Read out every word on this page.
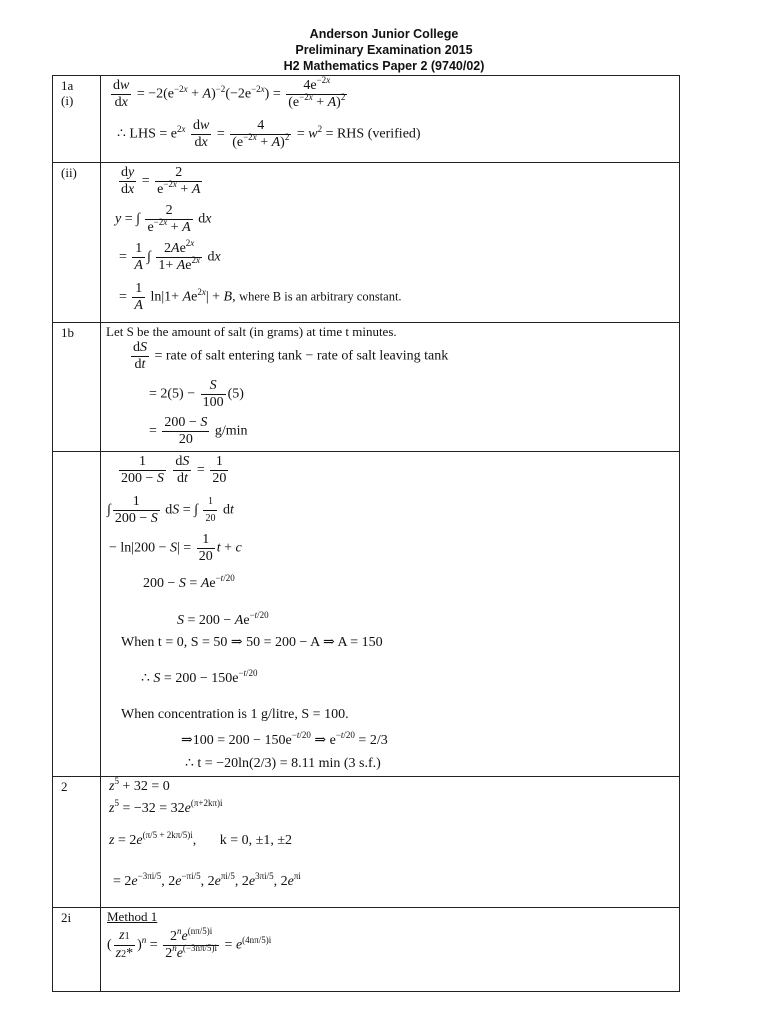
Anderson Junior College
Preliminary Examination 2015
H2 Mathematics Paper 2 (9740/02)
1a
(i)	$\frac{dw}{dx} = -2(e^{-2x} + A)^{-2}(-2e^{-2x}) = \frac{4e^{-2x}}{(e^{-2x} + A)^2}$
∴ LHS = $e^{2x} \frac{dw}{dx} = \frac{4}{(e^{-2x} + A)^2} = w^2$ = RHS (verified)
(ii)	$\frac{dy}{dx} = \frac{2}{e^{-2x} + A}$
y = ∫ $\frac{2}{e^{-2x} + A}$ dx
= $\frac{1}{A}$ ∫ $\frac{2Ae^{2x}}{1+ Ae^{2x}}$ dx
= $\frac{1}{A} \ln|1+ Ae^{2x}| + B$, where B is an arbitrary constant.
1b Let S be the amount of salt (in grams) at time t minutes.
$\frac{dS}{dt}$ = rate of salt entering tank − rate of salt leaving tank
= $2(5) - \frac{S}{100} (5)$
= $\frac{200 - S}{20} g/\min$
$\frac{1}{200 - S}$
$\frac{dS}{dt} = \frac{1}{20}$
∫ $\frac{1}{200 - S}$ dS = ∫ $\frac{1}{20}$ dt
− $\ln|200 - S| = \frac{1}{20}$ t + c
$200 - S = Ae^{-t/20}$
$S = 200 - Ae^{-t/20}$
When t = 0, S = 50 ⇒ 50 = 200 − A ⇒ A = 150
∴ $S = 200 - 150e^{-t/20}$
When concentration is 1 g/litre, S = 100.
⇒100 = $200 - 150e^{-t/20}$ ⇒ $e^{-t/20} = 2/3$
∴ t = −20ln(2/3) = 8.11 min (3 s.f.)
2	$z^5 + 32 = 0$
$z^5 = -32 = 32e^{(\pi+2k\pi)i}$
$z = 2e^{(\pi/5 + 2k\pi/5)i}$, k = 0, ±1, ±2
= $2e^{-3\pi i/5}$, $2e^{-\pi i/5}$, $2e^{\pi i/5}$, $2e^{3\pi i/5}$, $2e^{\pi i}$
2i	Method 1
( $\frac{z1}{z2*} )^n = \frac{2^ne^{(n\pi/5)i}}{2^ne^{(-3n\pi/5)i}} = e^{(4n\pi/5)i}$
